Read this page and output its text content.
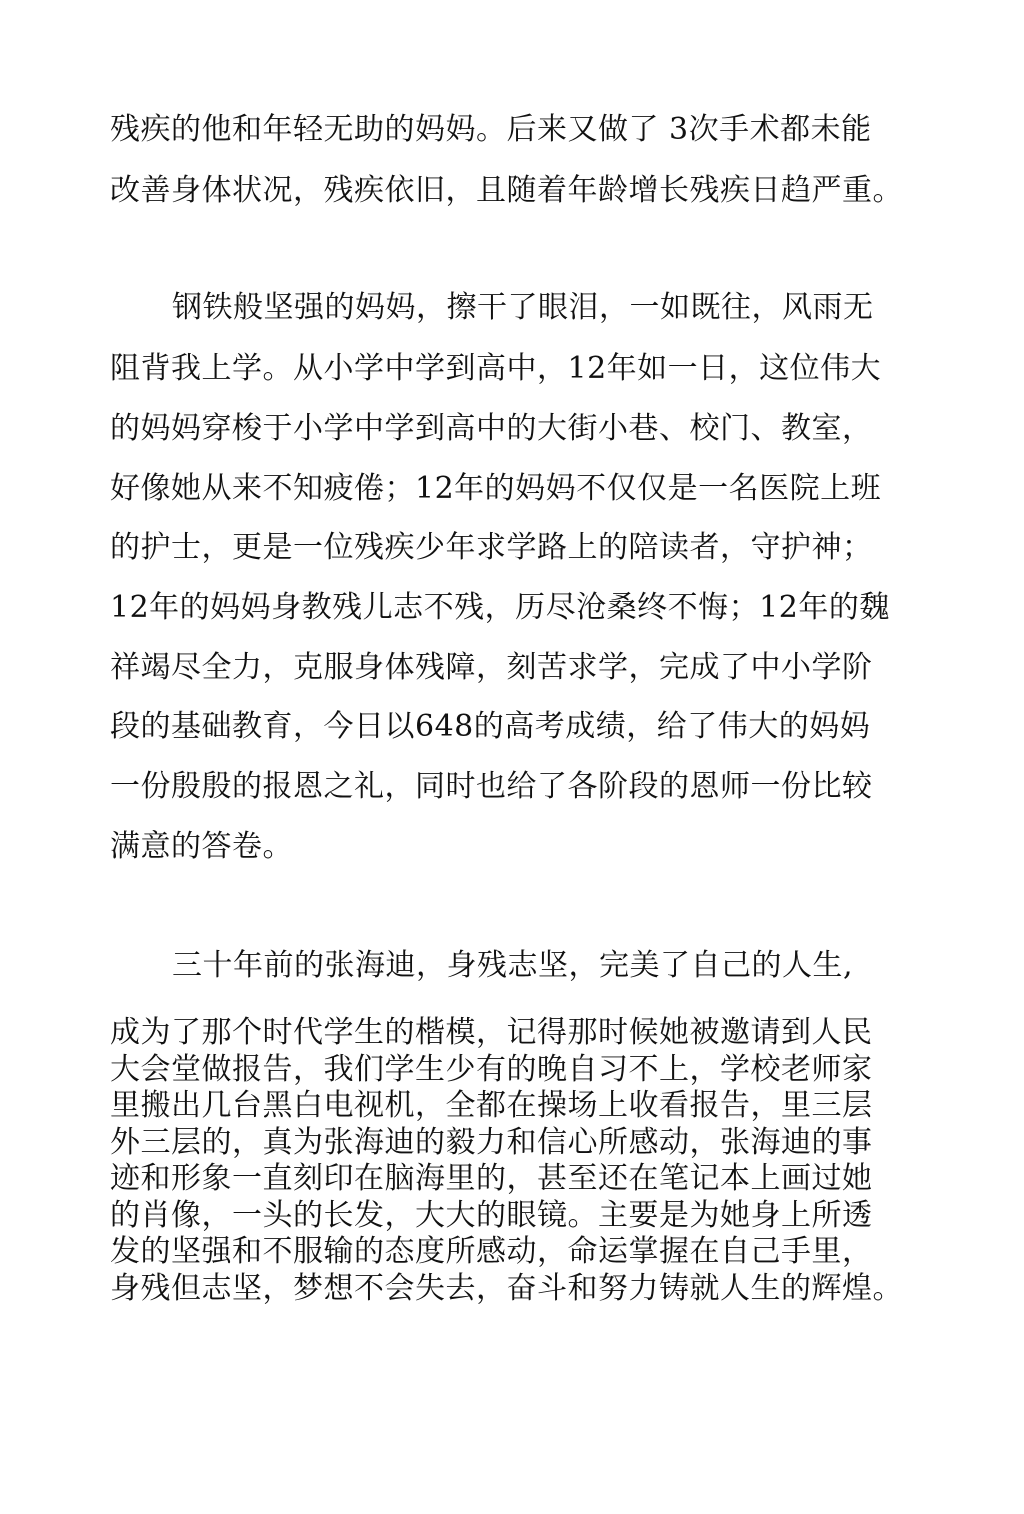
残疾的他和年轻无助的妈妈。后来又做了 3次手术都未能
改善身体状况，残疾依旧，且随着年龄增长残疾日趋严重。
钢铁般坚强的妈妈，擦干了眼泪，一如既往，风雨无
阻背我上学。从小学中学到高中，12年如一日，这位伟大
的妈妈穿梭于小学中学到高中的大街小巷、校门、教室，
好像她从来不知疲倦；12年的妈妈不仅仅是一名医院上班
的护士，更是一位残疾少年求学路上的陪读者，守护神；
12年的妈妈身教残儿志不残，历尽沧桑终不悔；12年的魏
祥竭尽全力，克服身体残障，刻苦求学，完成了中小学阶
段的基础教育，今日以648的高考成绩，给了伟大的妈妈
一份殷殷的报恩之礼，同时也给了各阶段的恩师一份比较
满意的答卷。
三十年前的张海迪，身残志坚，完美了自己的人生,
成为了那个时代学生的楷模，记得那时候她被邀请到人民
大会堂做报告，我们学生少有的晚自习不上，学校老师家
里搬出几台黑白电视机，全都在操场上收看报告，里三层
外三层的，真为张海迪的毅力和信心所感动，张海迪的事
迹和形象一直刻印在脑海里的，甚至还在笔记本上画过她
的肖像，一头的长发，大大的眼镜。主要是为她身上所透
发的坚强和不服输的态度所感动，命运掌握在自己手里，
身残但志坚，梦想不会失去，奋斗和努力铸就人生的辉煌。
